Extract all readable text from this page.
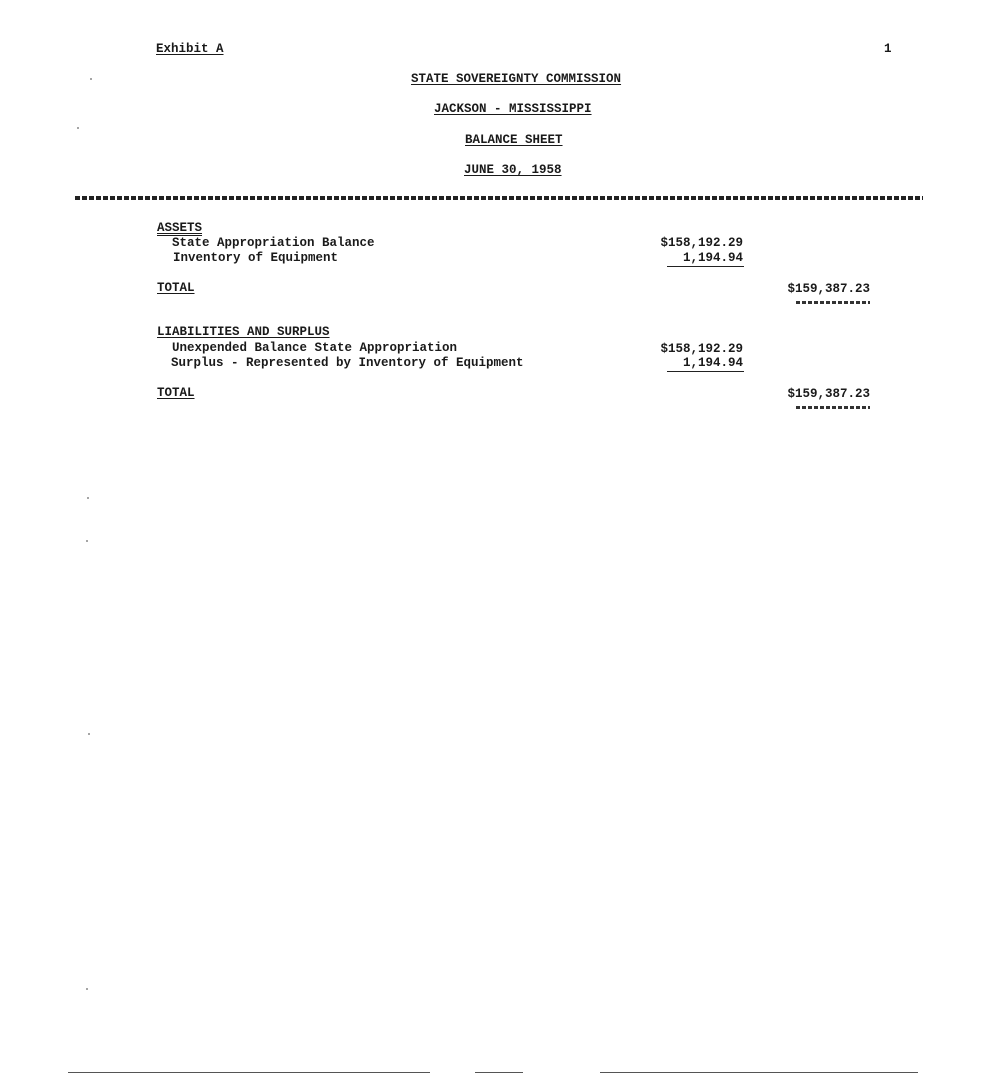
Exhibit A	1
STATE SOVEREIGNTY COMMISSION
JACKSON - MISSISSIPPI
BALANCE SHEET
JUNE 30, 1958
ASSETS
State Appropriation Balance	$158,192.29
Inventory of Equipment	1,194.94
TOTAL	$159,387.23
LIABILITIES AND SURPLUS
Unexpended Balance State Appropriation	$158,192.29
Surplus - Represented by Inventory of Equipment	1,194.94
TOTAL	$159,387.23
